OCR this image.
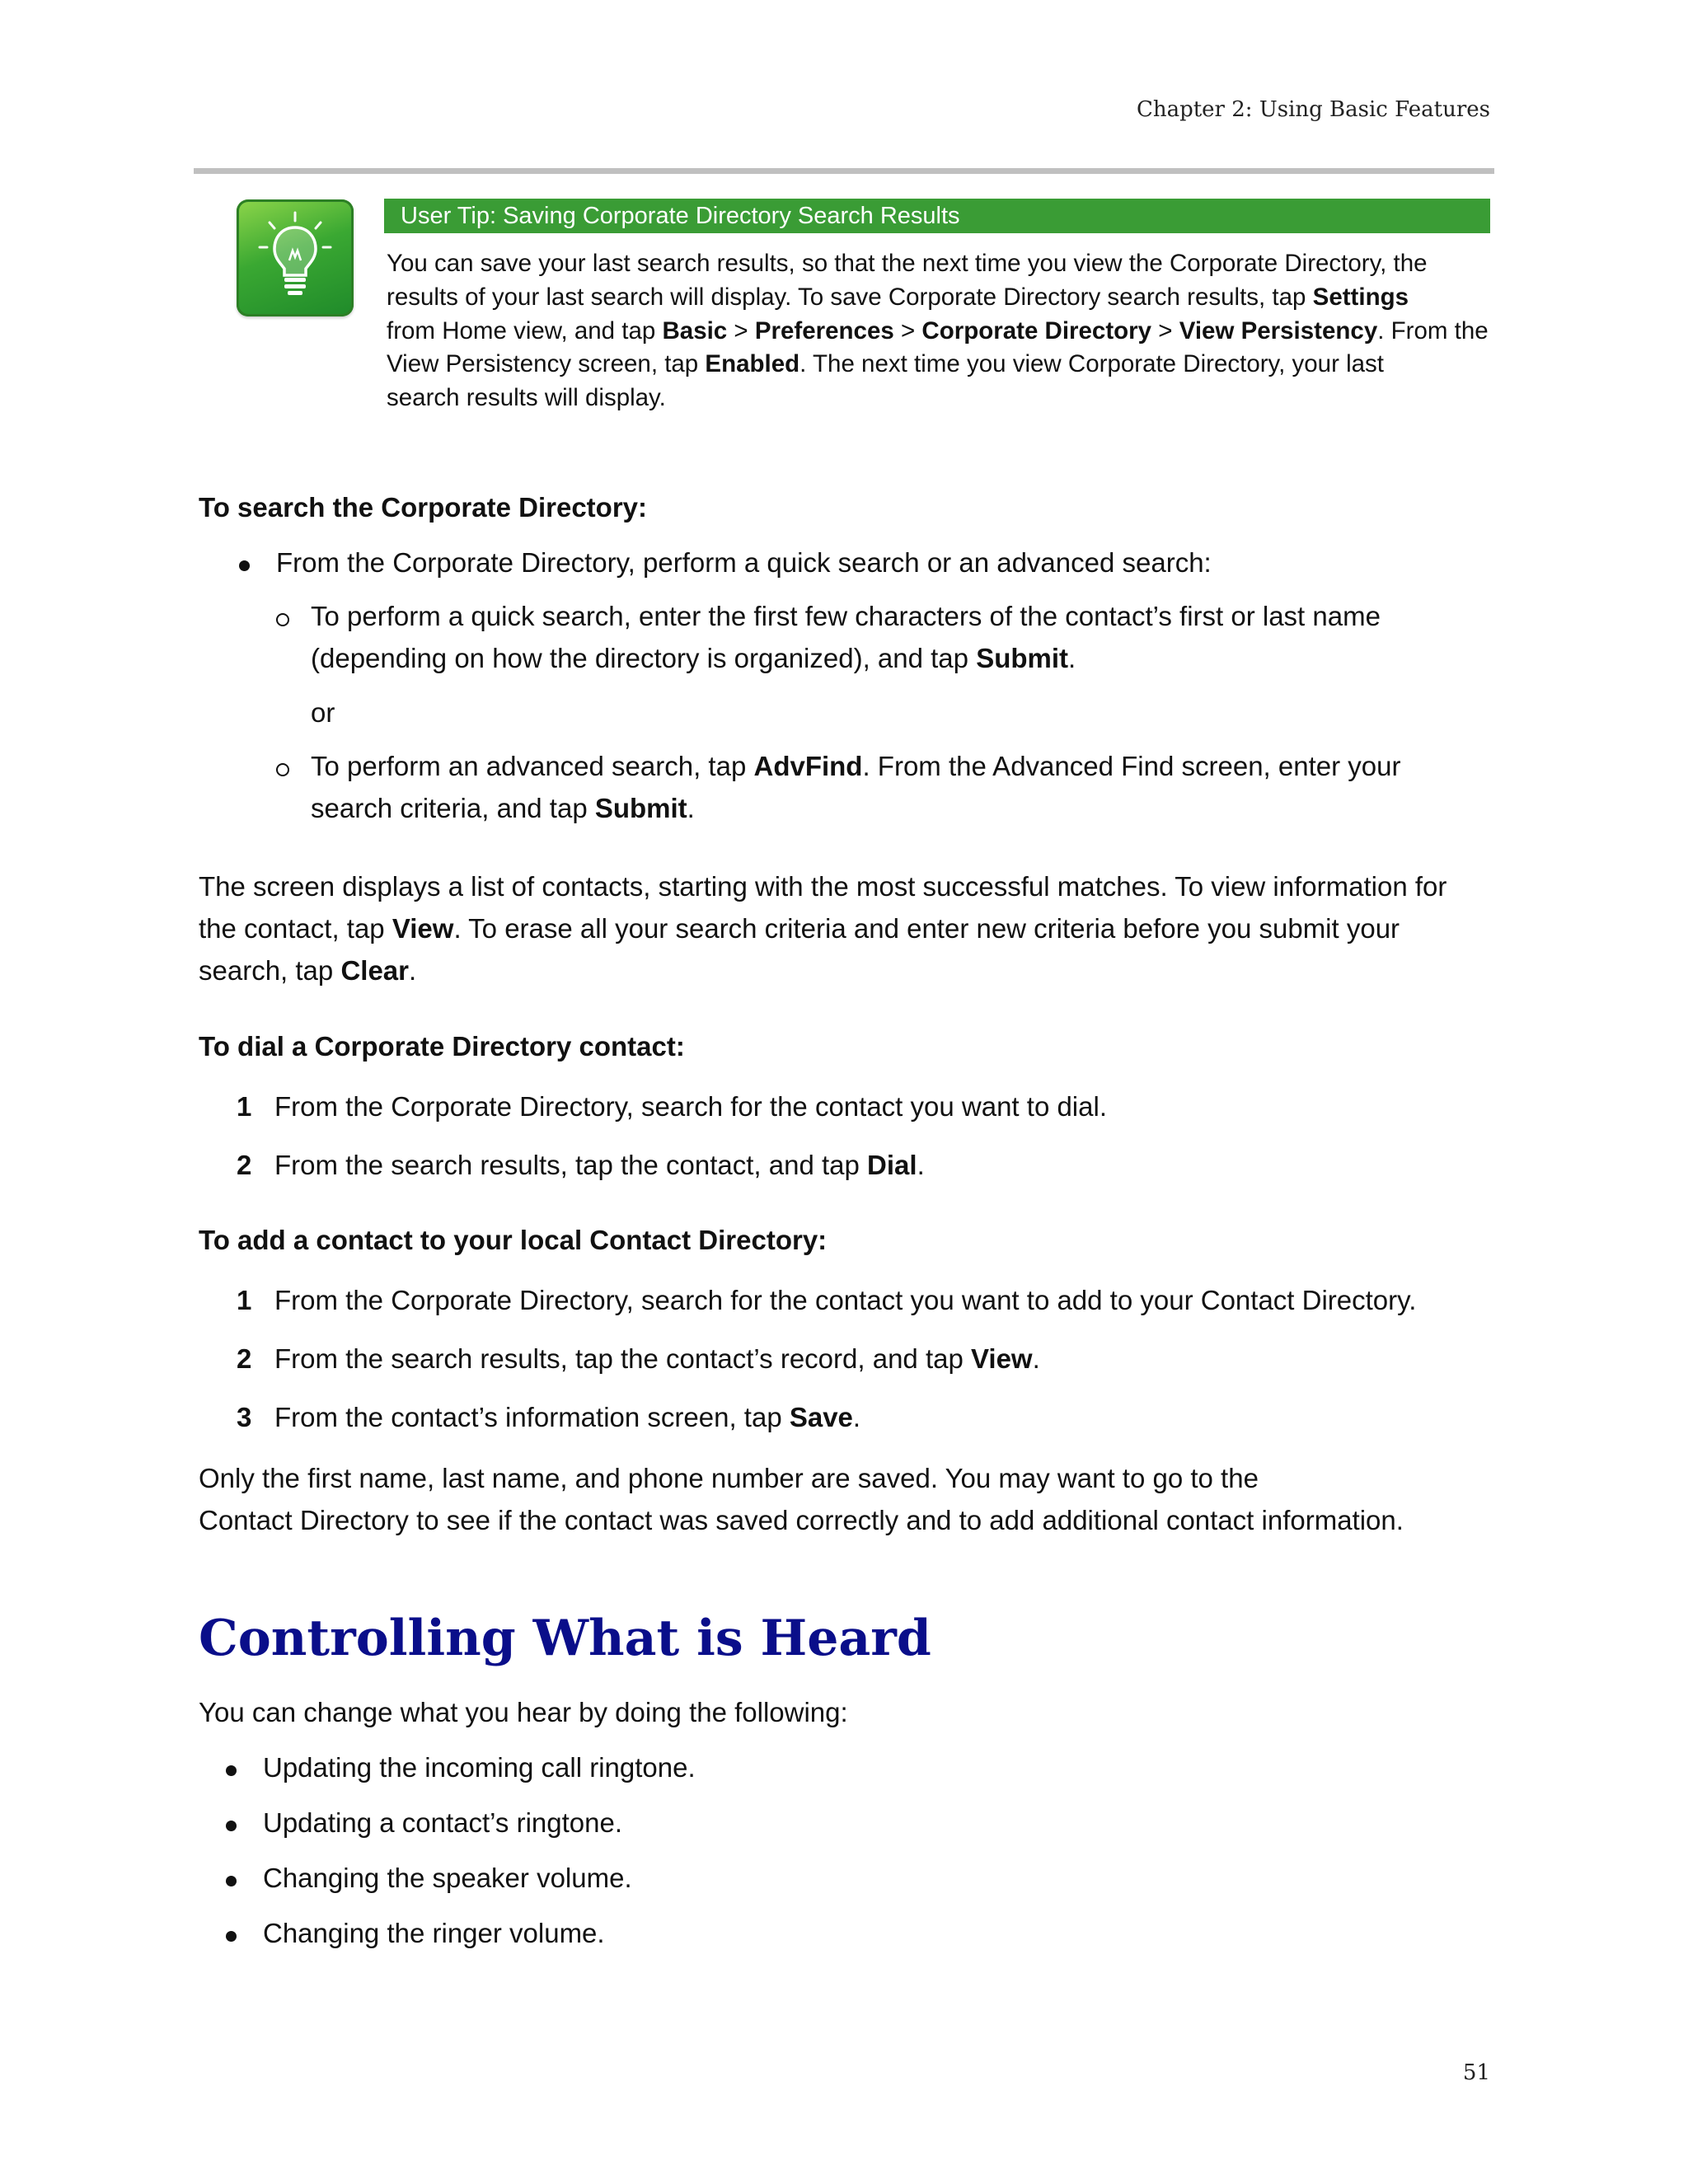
Chapter 2: Using Basic Features
User Tip: Saving Corporate Directory Search Results
You can save your last search results, so that the next time you view the Corporate Directory, the
results of your last search will display. To save Corporate Directory search results, tap Settings
from Home view, and tap Basic > Preferences > Corporate Directory > View Persistency. From the
View Persistency screen, tap Enabled. The next time you view Corporate Directory, your last
search results will display.
To search the Corporate Directory:
From the Corporate Directory, perform a quick search or an advanced search:
To perform a quick search, enter the first few characters of the contact’s first or last name
(depending on how the directory is organized), and tap Submit.
or
To perform an advanced search, tap AdvFind. From the Advanced Find screen, enter your
search criteria, and tap Submit.
The screen displays a list of contacts, starting with the most successful matches. To view information for
the contact, tap View. To erase all your search criteria and enter new criteria before you submit your
search, tap Clear.
To dial a Corporate Directory contact:
1 From the Corporate Directory, search for the contact you want to dial.
2 From the search results, tap the contact, and tap Dial.
To add a contact to your local Contact Directory:
1 From the Corporate Directory, search for the contact you want to add to your Contact Directory.
2 From the search results, tap the contact’s record, and tap View.
3 From the contact’s information screen, tap Save.
Only the first name, last name, and phone number are saved. You may want to go to the
Contact Directory to see if the contact was saved correctly and to add additional contact information.
Controlling What is Heard
You can change what you hear by doing the following:
Updating the incoming call ringtone.
Updating a contact’s ringtone.
Changing the speaker volume.
Changing the ringer volume.
51
